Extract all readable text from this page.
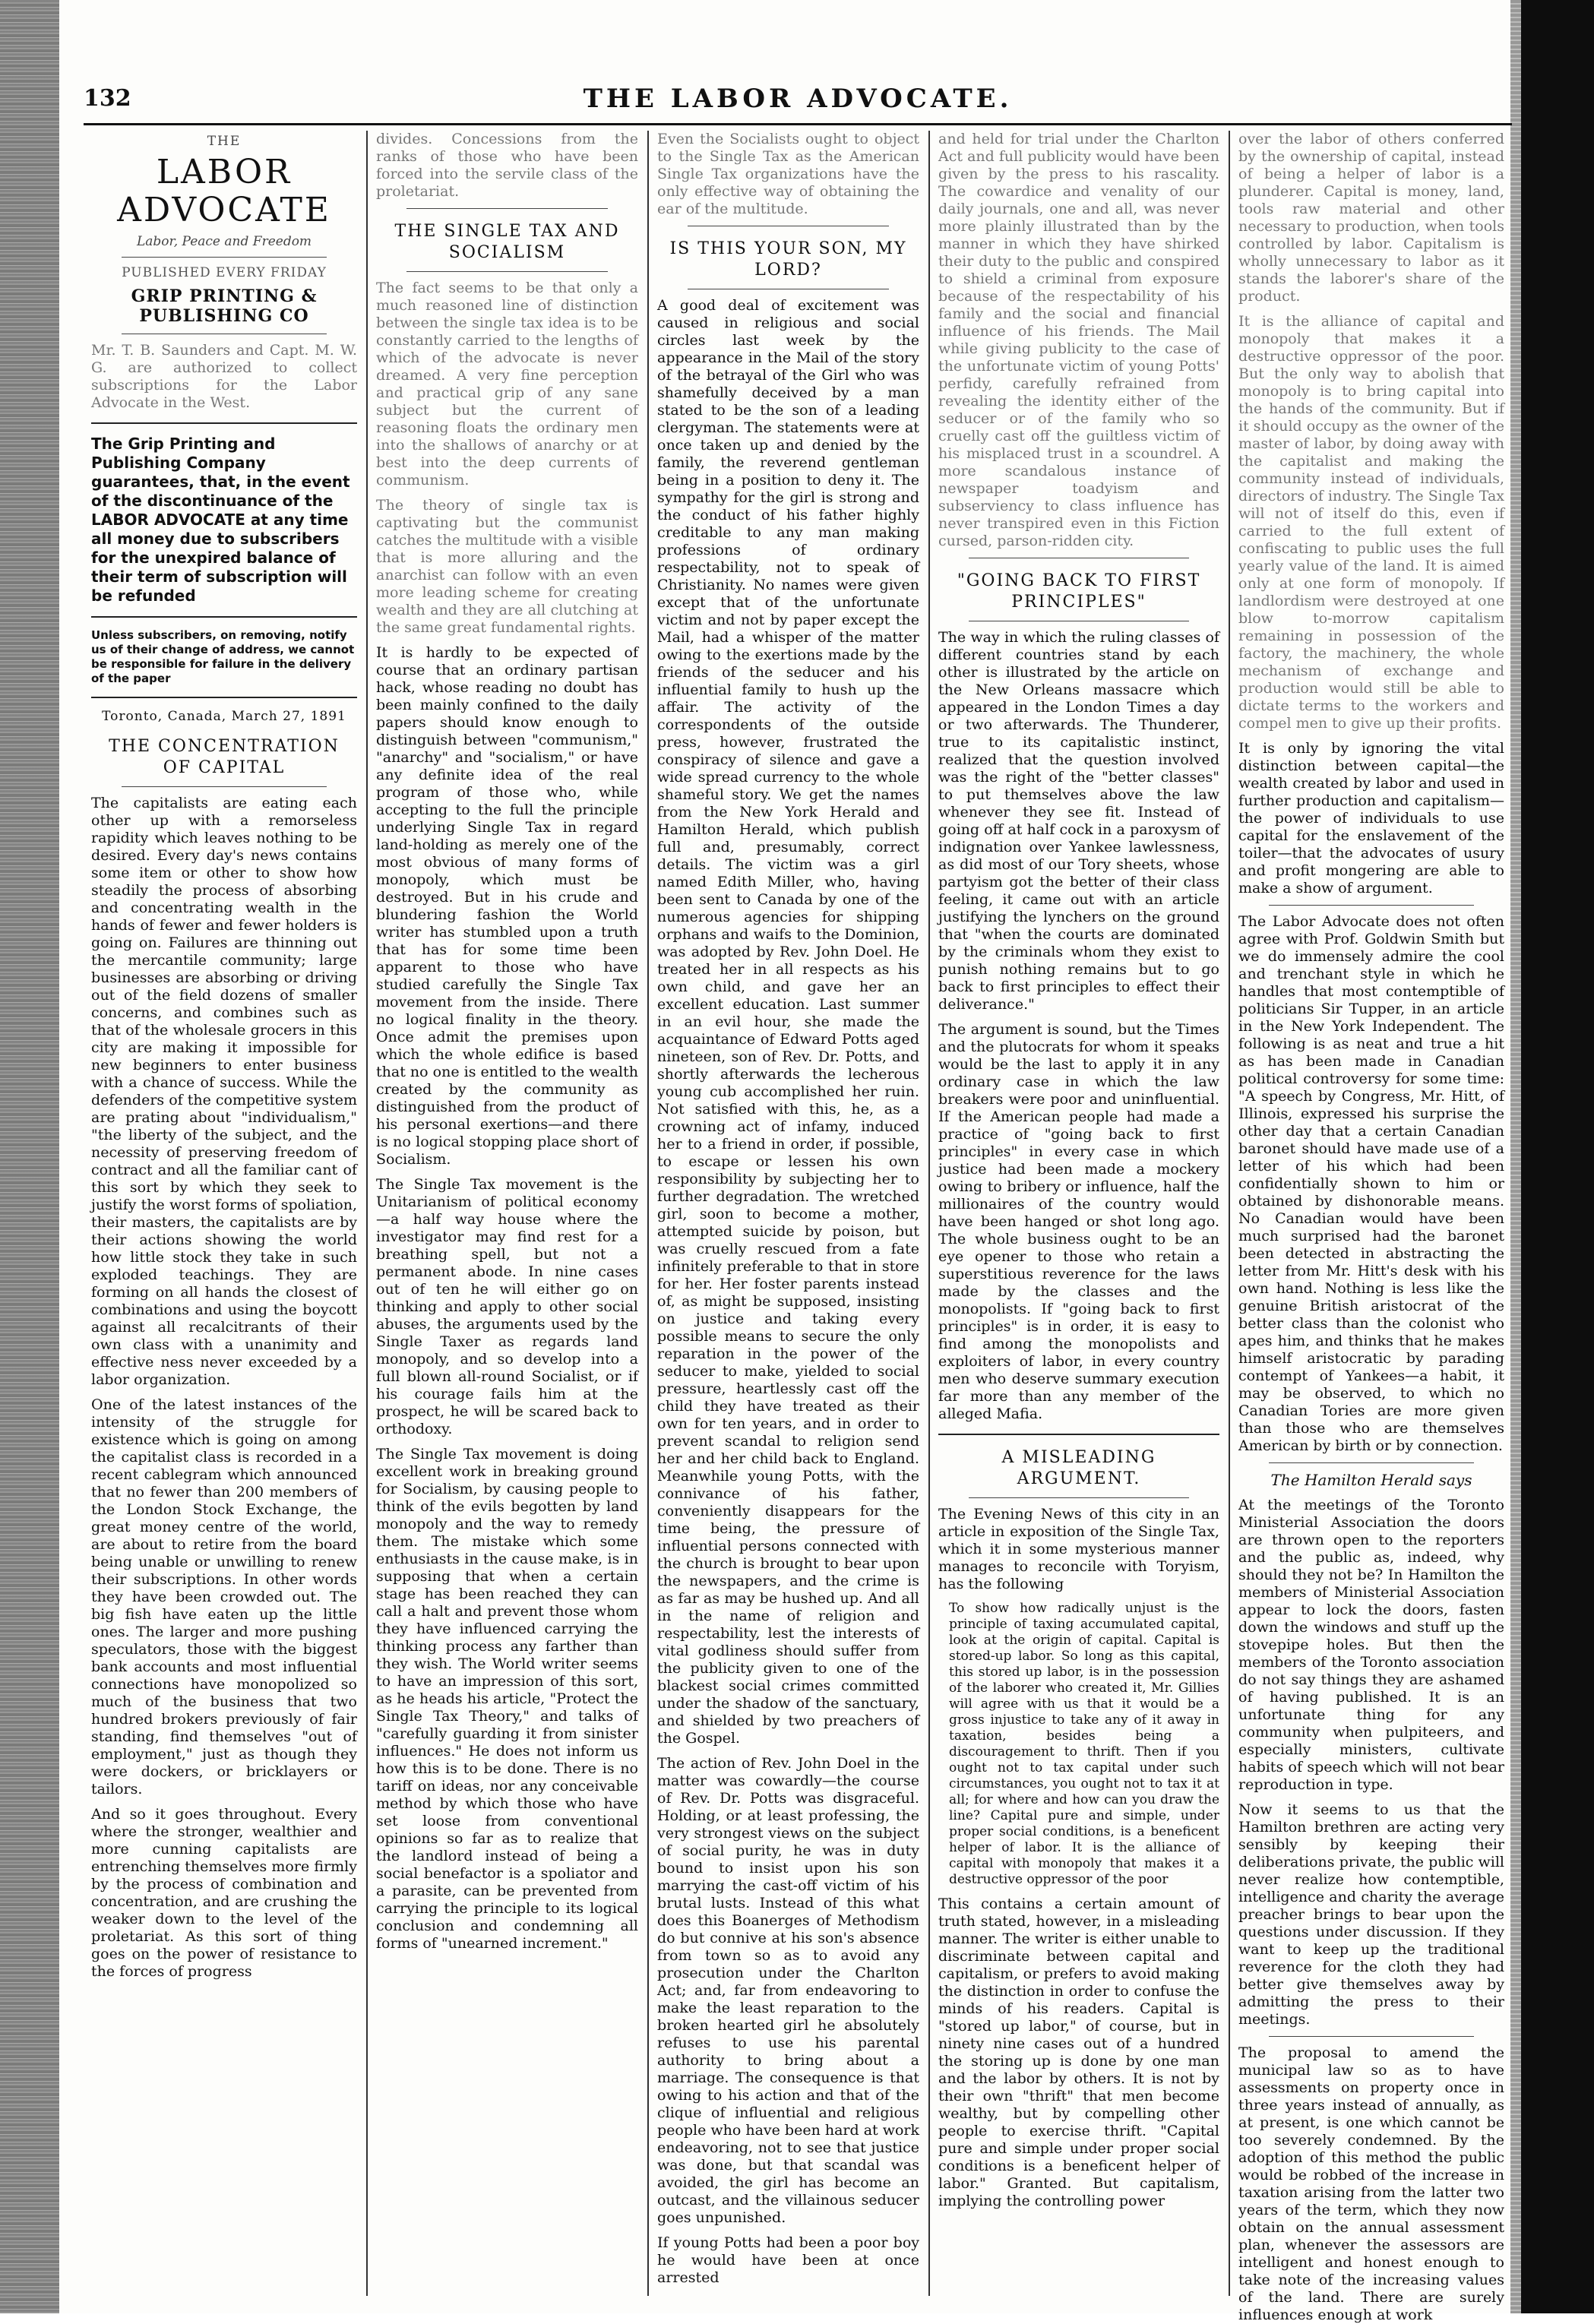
132	THE LABOR ADVOCATE.
THE
LABOR ADVOCATE
Labor, Peace and Freedom
PUBLISHED EVERY FRIDAY
GRIP PRINTING & PUBLISHING CO

Mr. T. B. Saunders and Capt. M. W. G. are authorized to collect subscriptions for the Labor Advocate in the West.

The Grip Printing and Publishing Company guarantees, that, in the event of the discontinuance of the LABOR ADVOCATE at any time all money due to subscribers for the unexpired balance of their term of subscription will be refunded
Unless subscribers, on removing, notify us of their change of address, we cannot be responsible for failure in the delivery of the paper
Toronto, Canada, March 27, 1891
THE CONCENTRATION OF CAPITAL

The capitalists are eating each other up with a remorseless rapidity which leaves nothing to be desired. Every day's news contains some item or other to show how steadily the process of absorbing and concentrating wealth in the hands of fewer and fewer holders is going on. Failures are thinning out the mercantile community; large businesses are absorbing or driving out of the field dozens of smaller concerns, and combines such as that of the wholesale grocers in this city are making it impossible for new beginners to enter business with a chance of success. While the defenders of the competitive system are prating about "individualism," "the liberty of the subject, and the necessity of preserving freedom of contract and all the familiar cant of this sort by which they seek to justify the worst forms of spoliation, their masters, the capitalists are by their actions showing the world how little stock they take in such exploded teachings. They are forming on all hands the closest of combinations and using the boycott against all recalcitrants of their own class with a unanimity and effective ness never exceeded by a labor organization.

One of the latest instances of the intensity of the struggle for existence which is going on among the capitalist class is recorded in a recent cablegram which announced that no fewer than 200 members of the London Stock Exchange, the great money centre of the world, are about to retire from the board being unable or unwilling to renew their subscriptions. In other words they have been crowded out. The big fish have eaten up the little ones. The larger and more pushing speculators, those with the biggest bank accounts and most influential connections have monopolized so much of the business that two hundred brokers previously of fair standing, find themselves "out of employment," just as though they were dockers, or bricklayers or tailors.

And so it goes throughout. Every where the stronger, wealthier and more cunning capitalists are entrenching themselves more firmly by the process of combination and concentration, and are crushing the weaker down to the level of the proletariat. As this sort of thing goes on the power of resistance to the forces of progress

divides. Concessions from the ranks of those who have been forced into the servile class of the proletariat.

THE SINGLE TAX AND SOCIALISM

The fact seems to be that only a much reasoned line of distinction between the single tax idea is to be constantly carried to the lengths of which of the advocate is never dreamed. A very fine perception and practical grip of any sane subject but the current of reasoning floats the ordinary men into the shallows of anarchy or at best into the deep currents of communism.

The theory of single tax is captivating but the communist catches the multitude with a visible that is more alluring and the anarchist can follow with an even more leading scheme for creating wealth and they are all clutching at the same great fundamental rights.

It is hardly to be expected of course that an ordinary partisan hack, whose reading no doubt has been mainly confined to the daily papers should know enough to distinguish between "communism," "anarchy" and "socialism," or have any definite idea of the real program of those who, while accepting to the full the principle underlying Single Tax in regard land-holding as merely one of the most obvious of many forms of monopoly, which must be destroyed. But in his crude and blundering fashion the World writer has stumbled upon a truth that has for some time been apparent to those who have studied carefully the Single Tax movement from the inside. There no logical finality in the theory. Once admit the premises upon which the whole edifice is based that no one is entitled to the wealth created by the community as distinguished from the product of his personal exertions—and there is no logical stopping place short of Socialism.

The Single Tax movement is the Unitarianism of political economy —a half way house where the investigator may find rest for a breathing spell, but not a permanent abode. In nine cases out of ten he will either go on thinking and apply to other social abuses, the arguments used by the Single Taxer as regards land monopoly, and so develop into a full blown all-round Socialist, or if his courage fails him at the prospect, he will be scared back to orthodoxy.

The Single Tax movement is doing excellent work in breaking ground for Socialism, by causing people to think of the evils begotten by land monopoly and the way to remedy them. The mistake which some enthusiasts in the cause make, is in supposing that when a certain stage has been reached they can call a halt and prevent those whom they have influenced carrying the thinking process any farther than they wish. The World writer seems to have an impression of this sort, as he heads his article, "Protect the Single Tax Theory," and talks of "carefully guarding it from sinister influences." He does not inform us how this is to be done. There is no tariff on ideas, nor any conceivable method by which those who have set loose from conventional opinions so far as to realize that the landlord instead of being a social benefactor is a spoliator and a parasite, can be prevented from carrying the principle to its logical conclusion and condemning all forms of "unearned increment."

Even the Socialists ought to object to the Single Tax as the American Single Tax organizations have the only effective way of obtaining the ear of the multitude.

IS THIS YOUR SON, MY LORD?

A good deal of excitement was caused in religious and social circles last week by the appearance in the Mail of the story of the betrayal of the Girl who was shamefully deceived by a man stated to be the son of a leading clergyman. The statements were at once taken up and denied by the family, the reverend gentleman being in a position to deny it. The sympathy for the girl is strong and the conduct of his father highly creditable to any man making professions of ordinary respectability, not to speak of Christianity. No names were given except that of the unfortunate victim and not by paper except the Mail, had a whisper of the matter owing to the exertions made by the friends of the seducer and his influential family to hush up the affair. The activity of the correspondents of the outside press, however, frustrated the conspiracy of silence and gave a wide spread currency to the whole shameful story. We get the names from the New York Herald and Hamilton Herald, which publish full and, presumably, correct details. The victim was a girl named Edith Miller, who, having been sent to Canada by one of the numerous agencies for shipping orphans and waifs to the Dominion, was adopted by Rev. John Doel. He treated her in all respects as his own child, and gave her an excellent education. Last summer in an evil hour, she made the acquaintance of Edward Potts aged nineteen, son of Rev. Dr. Potts, and shortly afterwards the lecherous young cub accomplished her ruin. Not satisfied with this, he, as a crowning act of infamy, induced her to a friend in order, if possible, to escape or lessen his own responsibility by subjecting her to further degradation. The wretched girl, soon to become a mother, attempted suicide by poison, but was cruelly rescued from a fate infinitely preferable to that in store for her. Her foster parents instead of, as might be supposed, insisting on justice and taking every possible means to secure the only reparation in the power of the seducer to make, yielded to social pressure, heartlessly cast off the child they have treated as their own for ten years, and in order to prevent scandal to religion send her and her child back to England. Meanwhile young Potts, with the connivance of his father, conveniently disappears for the time being, the pressure of influential persons connected with the church is brought to bear upon the newspapers, and the crime is as far as may be hushed up. And all in the name of religion and respectability, lest the interests of vital godliness should suffer from the publicity given to one of the blackest social crimes committed under the shadow of the sanctuary, and shielded by two preachers of the Gospel.

The action of Rev. John Doel in the matter was cowardly—the course of Rev. Dr. Potts was disgraceful. Holding, or at least professing, the very strongest views on the subject of social purity, he was in duty bound to insist upon his son marrying the cast-off victim of his brutal lusts. Instead of this what does this Boanerges of Methodism do but connive at his son's absence from town so as to avoid any prosecution under the Charlton Act; and, far from endeavoring to make the least reparation to the broken hearted girl he absolutely refuses to use his parental authority to bring about a marriage. The consequence is that owing to his action and that of the clique of influential and religious people who have been hard at work endeavoring, not to see that justice was done, but that scandal was avoided, the girl has become an outcast, and the villainous seducer goes unpunished.

If young Potts had been a poor boy he would have been at once arrested

and held for trial under the Charlton Act and full publicity would have been given by the press to his rascality. The cowardice and venality of our daily journals, one and all, was never more plainly illustrated than by the manner in which they have shirked their duty to the public and conspired to shield a criminal from exposure because of the respectability of his family and the social and financial influence of his friends. The Mail while giving publicity to the case of the unfortunate victim of young Potts' perfidy, carefully refrained from revealing the identity either of the seducer or of the family who so cruelly cast off the guiltless victim of his misplaced trust in a scoundrel. A more scandalous instance of newspaper toadyism and subserviency to class influence has never transpired even in this Fiction cursed, parson-ridden city.

"GOING BACK TO FIRST PRINCIPLES"

The way in which the ruling classes of different countries stand by each other is illustrated by the article on the New Orleans massacre which appeared in the London Times a day or two afterwards. The Thunderer, true to its capitalistic instinct, realized that the question involved was the right of the "better classes" to put themselves above the law whenever they see fit. Instead of going off at half cock in a paroxysm of indignation over Yankee lawlessness, as did most of our Tory sheets, whose partyism got the better of their class feeling, it came out with an article justifying the lynchers on the ground that "when the courts are dominated by the criminals whom they exist to punish nothing remains but to go back to first principles to effect their deliverance."

The argument is sound, but the Times and the plutocrats for whom it speaks would be the last to apply it in any ordinary case in which the law breakers were poor and uninfluential. If the American people had made a practice of "going back to first principles" in every case in which justice had been made a mockery owing to bribery or influence, half the millionaires of the country would have been hanged or shot long ago. The whole business ought to be an eye opener to those who retain a superstitious reverence for the laws made by the classes and the monopolists. If "going back to first principles" is in order, it is easy to find among the monopolists and exploiters of labor, in every country men who deserve summary execution far more than any member of the alleged Mafia.

A MISLEADING ARGUMENT.

The Evening News of this city in an article in exposition of the Single Tax, which it in some mysterious manner manages to reconcile with Toryism, has the following

To show how radically unjust is the principle of taxing accumulated capital, look at the origin of capital. Capital is stored-up labor. So long as this capital, this stored up labor, is in the possession of the laborer who created it, Mr. Gillies will agree with us that it would be a gross injustice to take any of it away in taxation, besides being a discouragement to thrift. Then if you ought not to tax capital under such circumstances, you ought not to tax it at all; for where and how can you draw the line? Capital pure and simple, under proper social conditions, is a beneficent helper of labor. It is the alliance of capital with monopoly that makes it a destructive oppressor of the poor

This contains a certain amount of truth stated, however, in a misleading manner. The writer is either unable to discriminate between capital and capitalism, or prefers to avoid making the distinction in order to confuse the minds of his readers. Capital is "stored up labor," of course, but in ninety nine cases out of a hundred the storing up is done by one man and the labor by others. It is not by their own "thrift" that men become wealthy, but by compelling other people to exercise thrift. "Capital pure and simple under proper social conditions is a beneficent helper of labor." Granted. But capitalism, implying the controlling power

over the labor of others conferred by the ownership of capital, instead of being a helper of labor is a plunderer. Capital is money, land, tools raw material and other necessary to production, when tools controlled by labor. Capitalism is wholly unnecessary to labor as it stands the laborer's share of the product.

It is the alliance of capital and monopoly that makes it a destructive oppressor of the poor. But the only way to abolish that monopoly is to bring capital into the hands of the community. But if it should occupy as the owner of the master of labor, by doing away with the capitalist and making the community instead of individuals, directors of industry. The Single Tax will not of itself do this, even if carried to the full extent of confiscating to public uses the full yearly value of the land. It is aimed only at one form of monopoly. If landlordism were destroyed at one blow to-morrow capitalism remaining in possession of the factory, the machinery, the whole mechanism of exchange and production would still be able to dictate terms to the workers and compel men to give up their profits.

It is only by ignoring the vital distinction between capital—the wealth created by labor and used in further production and capitalism—the power of individuals to use capital for the enslavement of the toiler—that the advocates of usury and profit mongering are able to make a show of argument.

The Labor Advocate does not often agree with Prof. Goldwin Smith but we do immensely admire the cool and trenchant style in which he handles that most contemptible of politicians Sir Tupper, in an article in the New York Independent. The following is as neat and true a hit as has been made in Canadian political controversy for some time: "A speech by Congress, Mr. Hitt, of Illinois, expressed his surprise the other day that a certain Canadian baronet should have made use of a letter of his which had been confidentially shown to him or obtained by dishonorable means. No Canadian would have been much surprised had the baronet been detected in abstracting the letter from Mr. Hitt's desk with his own hand. Nothing is less like the genuine British aristocrat of the better class than the colonist who apes him, and thinks that he makes himself aristocratic by parading contempt of Yankees—a habit, it may be observed, to which no Canadian Tories are more given than those who are themselves American by birth or by connection.

The Hamilton Herald says

At the meetings of the Toronto Ministerial Association the doors are thrown open to the reporters and the public as, indeed, why should they not be? In Hamilton the members of Ministerial Association appear to lock the doors, fasten down the windows and stuff up the stovepipe holes. But then the members of the Toronto association do not say things they are ashamed of having published. It is an unfortunate thing for any community when pulpiteers, and especially ministers, cultivate habits of speech which will not bear reproduction in type.

Now it seems to us that the Hamilton brethren are acting very sensibly by keeping their deliberations private, the public will never realize how contemptible, intelligence and charity the average preacher brings to bear upon the questions under discussion. If they want to keep up the traditional reverence for the cloth they had better give themselves away by admitting the press to their meetings.

The proposal to amend the municipal law so as to have assessments on property once in three years instead of annually, as at present, is one which cannot be too severely condemned. By the adoption of this method the public would be robbed of the increase in taxation arising from the latter two years of the term, which they now obtain on the annual assessment plan, whenever the assessors are intelligent and honest enough to take note of the increasing values of the land. There are surely influences enough at work
